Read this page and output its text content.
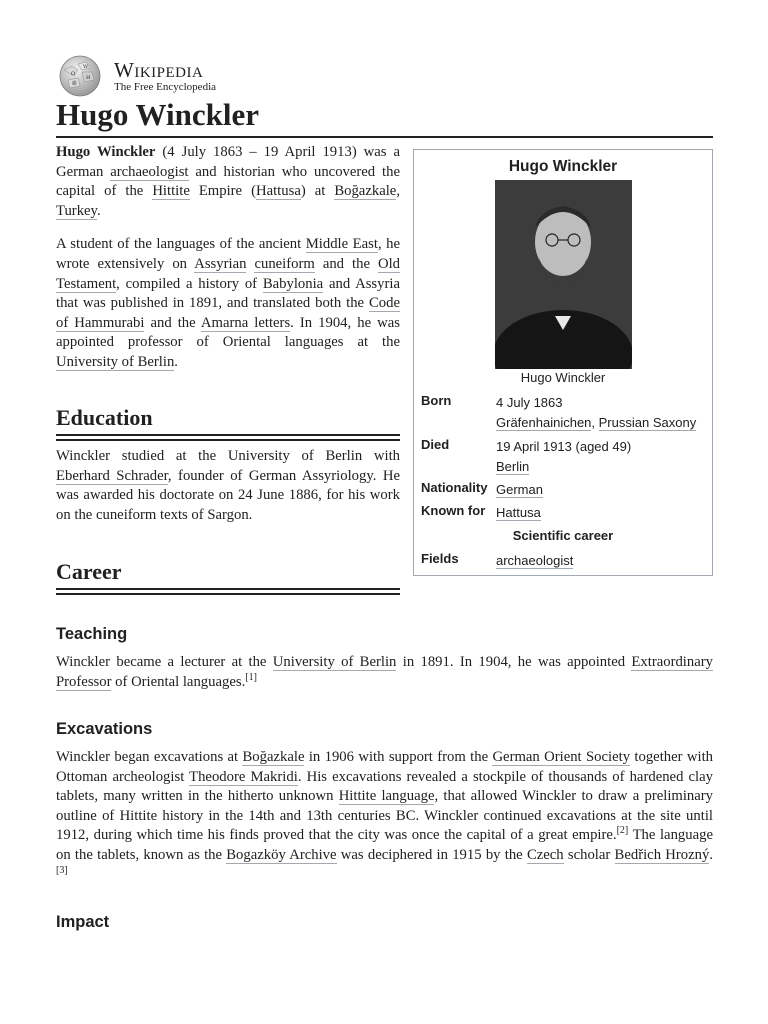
Ω
W
И
維
Wikipedia
The Free Encyclopedia
Hugo Winckler

Hugo Winckler (4 July 1863 – 19 April 1913) was a German archaeologist and historian who uncovered the capital of the Hittite Empire (Hattusa) at Boğazkale, Turkey.

A student of the languages of the ancient Middle East, he wrote extensively on Assyrian cuneiform and the Old Testament, compiled a history of Babylonia and Assyria that was published in 1891, and translated both the Code of Hammurabi and the Amarna letters. In 1904, he was appointed professor of Oriental languages at the University of Berlin.

Hugo Winckler
Hugo Winckler
Born	4 July 1863
Gräfenhainichen, Prussian Saxony
Died	19 April 1913 (aged 49)
Berlin
Nationality German
Known for Hattusa
Scientific career
Fields	archaeologist
Education
Winckler studied at the University of Berlin with Eberhard Schrader, founder of German Assyriology. He was awarded his doctorate on 24 June 1886, for his work on the cuneiform texts of Sargon.
Career
Teaching
Winckler became a lecturer at the University of Berlin in 1891. In 1904, he was appointed Extraordinary Professor of Oriental languages.[1]
Excavations
Winckler began excavations at Boğazkale in 1906 with support from the German Orient Society together with Ottoman archeologist Theodore Makridi. His excavations revealed a stockpile of thousands of hardened clay tablets, many written in the hitherto unknown Hittite language, that allowed Winckler to draw a preliminary outline of Hittite history in the 14th and 13th centuries BC. Winckler continued excavations at the site until 1912, during which time his finds proved that the city was once the capital of a great empire.[2] The language on the tablets, known as the Bogazköy Archive was deciphered in 1915 by the Czech scholar Bedřich Hrozný.[3]
Impact
